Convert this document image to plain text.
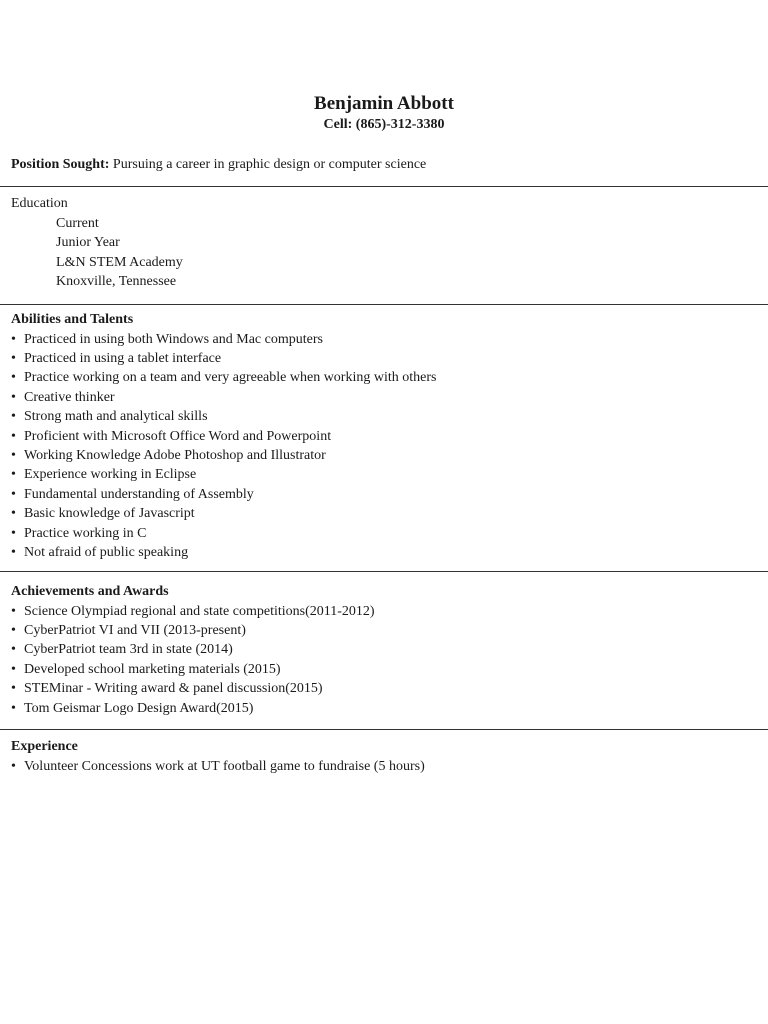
Benjamin Abbott
Cell: (865)-312-3380
Position Sought: Pursuing a career in graphic design or computer science
Education
Current
Junior Year
L&N STEM Academy
Knoxville, Tennessee
Abilities and Talents
• Practiced in using both Windows and Mac computers
• Practiced in using a tablet interface
• Practice working on a team and very agreeable when working with others
• Creative thinker
• Strong math and analytical skills
• Proficient with Microsoft Office Word and Powerpoint
• Working Knowledge Adobe Photoshop and Illustrator
• Experience working in Eclipse
• Fundamental understanding of Assembly
• Basic knowledge of Javascript
• Practice working in C
• Not afraid of public speaking
Achievements and Awards
• Science Olympiad regional and state competitions(2011-2012)
• CyberPatriot VI and VII (2013-present)
• CyberPatriot team 3rd in state (2014)
• Developed school marketing materials (2015)
• STEMinar - Writing award & panel discussion(2015)
• Tom Geismar Logo Design Award(2015)
Experience
• Volunteer Concessions work at UT football game to fundraise (5 hours)
